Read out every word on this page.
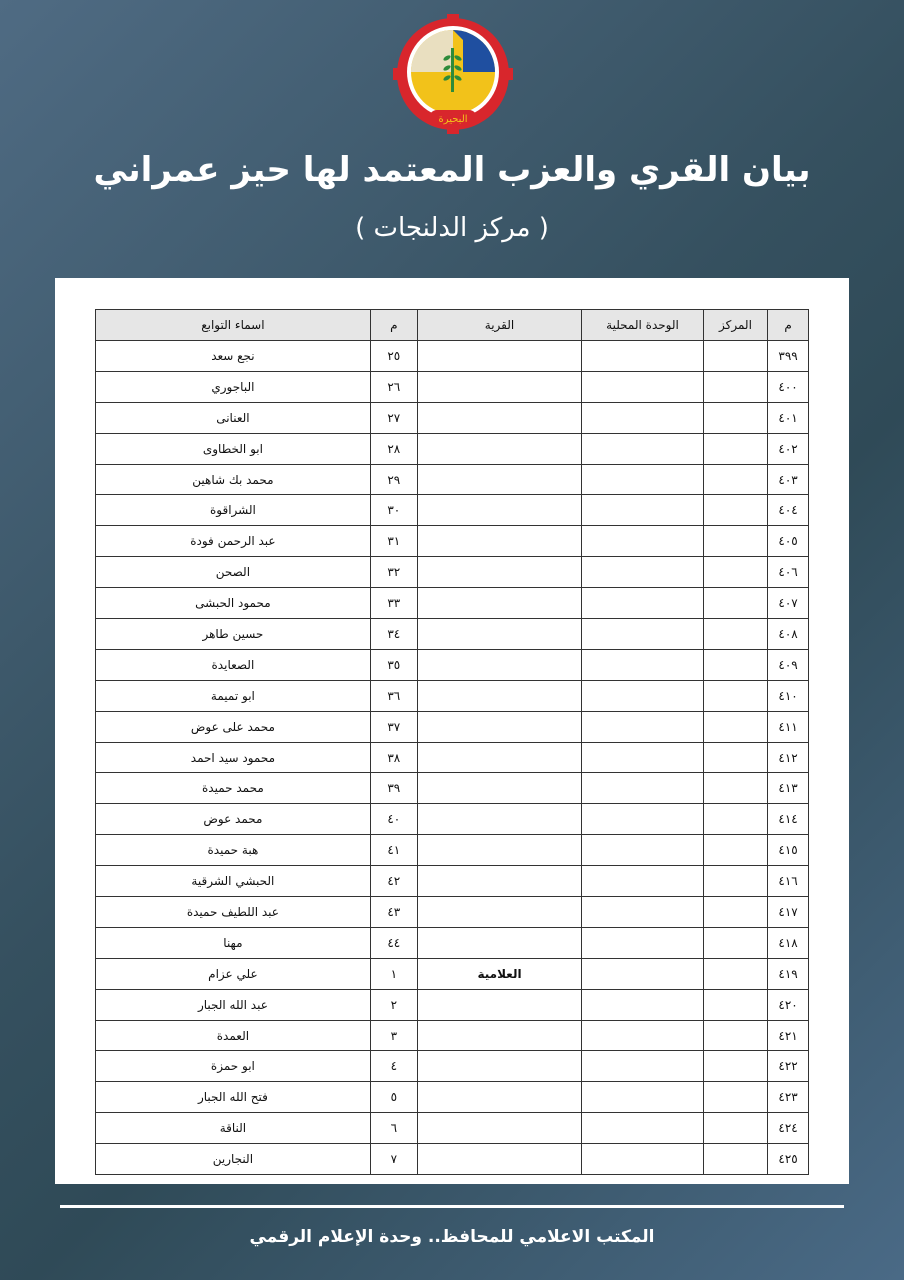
البحيرة
بيان القري والعزب المعتمد لها حيز عمراني
( مركز الدلنجات )
م	المركز	الوحدة المحلية	القرية	م	اسماء التوابع
٣٩٩				٢٥	نجع سعد
٤٠٠				٢٦	الباجوري
٤٠١				٢٧	العنانى
٤٠٢				٢٨	ابو الخطاوى
٤٠٣				٢٩	محمد بك شاهين
٤٠٤				٣٠	الشراقوة
٤٠٥				٣١	عبد الرحمن فودة
٤٠٦				٣٢	الصحن
٤٠٧				٣٣	محمود الحبشى
٤٠٨				٣٤	حسين طاهر
٤٠٩				٣٥	الصعايدة
٤١٠				٣٦	ابو تميمة
٤١١				٣٧	محمد على عوض
٤١٢				٣٨	محمود سيد احمد
٤١٣				٣٩	محمد حميدة
٤١٤				٤٠	محمد عوض
٤١٥				٤١	هبة حميدة
٤١٦				٤٢	الحبشي الشرقية
٤١٧				٤٣	عبد اللطيف حميدة
٤١٨				٤٤	مهنا
٤١٩			العلامية	١	علي عزام
٤٢٠				٢	عبد الله الجبار
٤٢١				٣	العمدة
٤٢٢				٤	ابو حمزة
٤٢٣				٥	فتح الله الجبار
٤٢٤				٦	الناقة
٤٢٥				٧	النجارين
المكتب الاعلامي للمحافظ.. وحدة الإعلام الرقمي
